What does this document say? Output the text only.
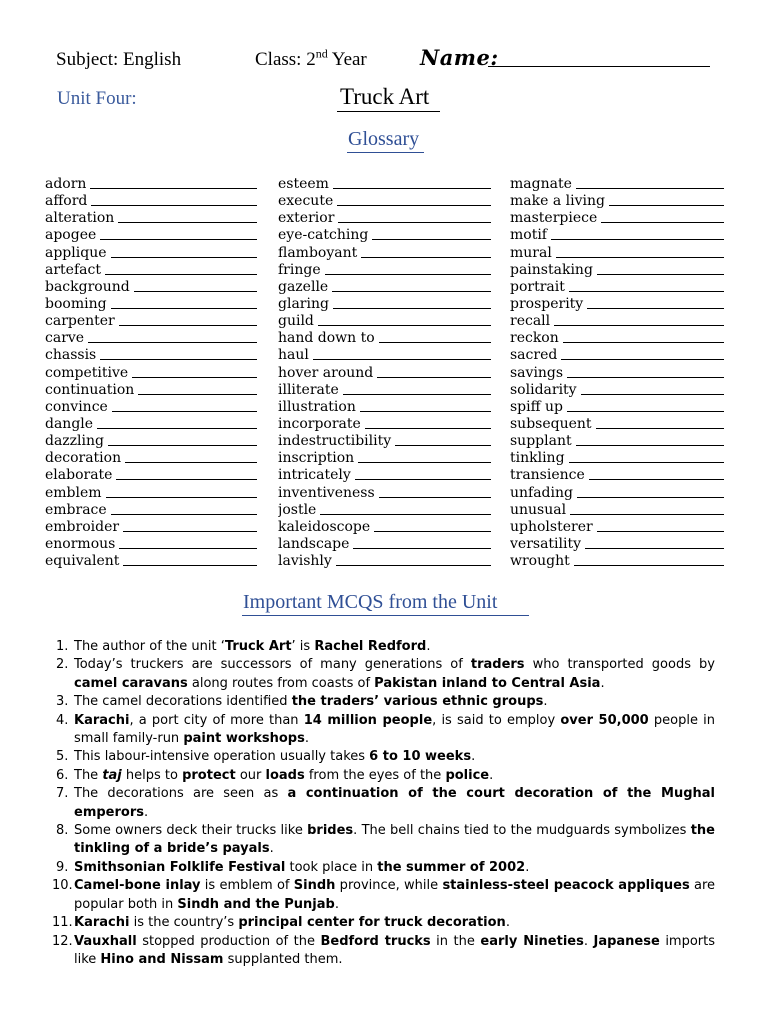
Subject: English	Class: 2nd Year	Name:
Unit Four:	Truck Art
Glossary
adorn
afford
alteration
apogee
applique
artefact
background
booming
carpenter
carve
chassis
competitive
continuation
convince
dangle
dazzling
decoration
elaborate
emblem
embrace
embroider
enormous
equivalent
esteem
execute
exterior
eye-catching
flamboyant
fringe
gazelle
glaring
guild
hand down to
haul
hover around
illiterate
illustration
incorporate
indestructibility
inscription
intricately
inventiveness
jostle
kaleidoscope
landscape
lavishly
magnate
make a living
masterpiece
motif
mural
painstaking
portrait
prosperity
recall
reckon
sacred
savings
solidarity
spiff up
subsequent
supplant
tinkling
transience
unfading
unusual
upholsterer
versatility
wrought
Important MCQS from the Unit
1. The author of the unit ‘Truck Art’ is Rachel Redford.
2. Today’s truckers are successors of many generations of traders who transported goods by camel caravans along routes from coasts of Pakistan inland to Central Asia.
3. The camel decorations identified the traders’ various ethnic groups.
4. Karachi, a port city of more than 14 million people, is said to employ over 50,000 people in small family-run paint workshops.
5. This labour-intensive operation usually takes 6 to 10 weeks.
6. The taj helps to protect our loads from the eyes of the police.
7. The decorations are seen as a continuation of the court decoration of the Mughal emperors.
8. Some owners deck their trucks like brides. The bell chains tied to the mudguards symbolizes the tinkling of a bride’s payals.
9. Smithsonian Folklife Festival took place in the summer of 2002.
10. Camel-bone inlay is emblem of Sindh province, while stainless-steel peacock appliques are popular both in Sindh and the Punjab.
11. Karachi is the country’s principal center for truck decoration.
12. Vauxhall stopped production of the Bedford trucks in the early Nineties. Japanese imports like Hino and Nissam supplanted them.
